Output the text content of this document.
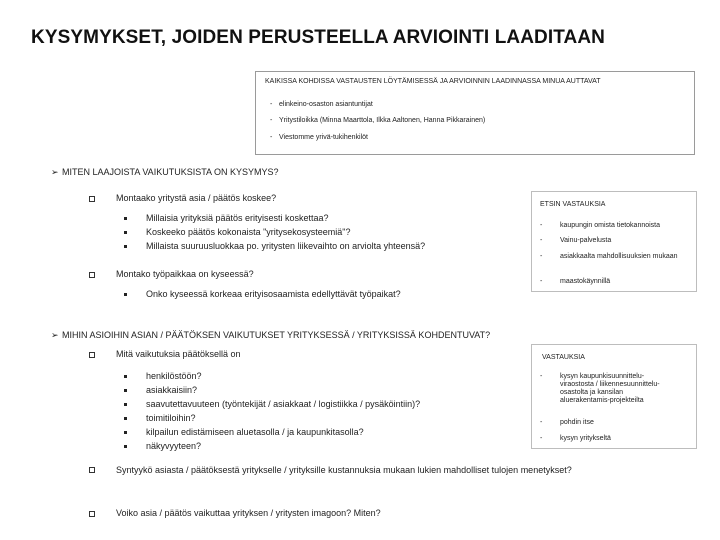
KYSYMYKSET, JOIDEN PERUSTEELLA ARVIOINTI LAADITAAN
KAIKISSA KOHDISSA VASTAUSTEN LÖYTÄMISESSÄ JA ARVIOINNIN LAADINNASSA MINUA AUTTAVAT
- elinkeino-osaston asiantuntijat
- Yritystiloikka (Minna Maarttola, Ilkka Aaltonen, Hanna Pikkarainen)
- Viestomme yrivä-tukihenkilöt
➢ MITEN LAAJOISTA VAIKUTUKSISTA ON KYSYMYS?
Montaako yritystä asia / päätös koskee?
Millaisia yrityksiä päätös erityisesti koskettaa?
Koskeeko päätös kokonaista "yritysekosysteemiä"?
Millaista suuruusluokkaa po. yritysten liikevaihto on arviolta yhteensä?
Montako työpaikkaa on kyseessä?
Onko kyseessä korkeaa erityisosaamista edellyttävät työpaikat?
ETSIN VASTAUKSIA
-	kaupungin omista tietokannoista
-	Vainu-palvelusta
-	asiakkaalta mahdollisuuksien mukaan
-	maastokäynnillä
➢ MIHIN ASIOIHIN ASIAN / PÄÄTÖKSEN VAIKUTUKSET YRITYKSESSÄ / YRITYKSISSÄ KOHDENTUVAT?
Mitä vaikutuksia päätöksellä on
henkilöstöön?
asiakkaisiin?
saavutettavuuteen (työntekijät / asiakkaat / logistiikka / pysäköintiin)?
toimitiloihin?
kilpailun edistämiseen aluetasolla / ja kaupunkitasolla?
näkyvyyteen?
VASTAUKSIA
-	kysyn kaupunkisuunnittelu-viraostosta / liikennesuunnittelu-osastolta ja kansilan aluerakentamis-projekteilta
-	pohdin itse
-	kysyn yritykseltä
Syntyykö asiasta / päätöksestä yritykselle / yrityksille kustannuksia mukaan lukien mahdolliset tulojen menetykset?
Voiko asia / päätös vaikuttaa yrityksen / yritysten imagoon? Miten?
